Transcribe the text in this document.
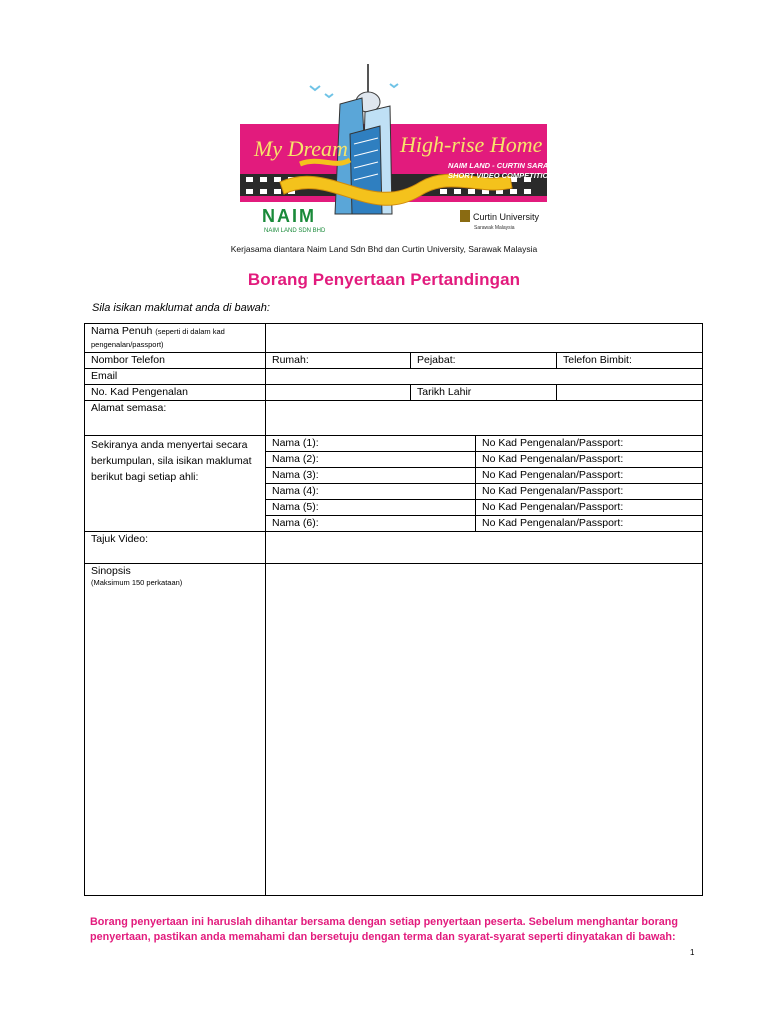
My Dream High-rise Home
NAIM LAND - CURTIN SARAWAK
SHORT VIDEO COMPETITION
NAIM
NAIM LAND SDN BHD
Curtin University
Sarawak Malaysia
Kerjasama diantara Naim Land Sdn Bhd dan Curtin University, Sarawak Malaysia
Borang Penyertaan Pertandingan
Sila isikan maklumat anda di bawah:
Nama Penuh (seperti di dalam kad pengenalan/passport)				
Nombor Telefon	Rumah:	Pejabat:		Telefon Bimbit:
Email				
No. Kad Pengenalan		Tarikh Lahir		
Alamat semasa:				
Sekiranya anda menyertai secara berkumpulan, sila isikan maklumat berikut bagi setiap ahli:	Nama (1):		No Kad Pengenalan/Passport:	
	Nama (2):		No Kad Pengenalan/Passport:	
	Nama (3):		No Kad Pengenalan/Passport:	
	Nama (4):		No Kad Pengenalan/Passport:	
	Nama (5):		No Kad Pengenalan/Passport:	
	Nama (6):		No Kad Pengenalan/Passport:	
Tajuk Video:				

Sinopsis
(Maksimum 150 perkataan)				

Borang penyertaan ini haruslah dihantar bersama dengan setiap penyertaan peserta. Sebelum menghantar borang penyertaan, pastikan anda memahami dan bersetuju dengan terma dan syarat-syarat seperti dinyatakan di bawah:
1
